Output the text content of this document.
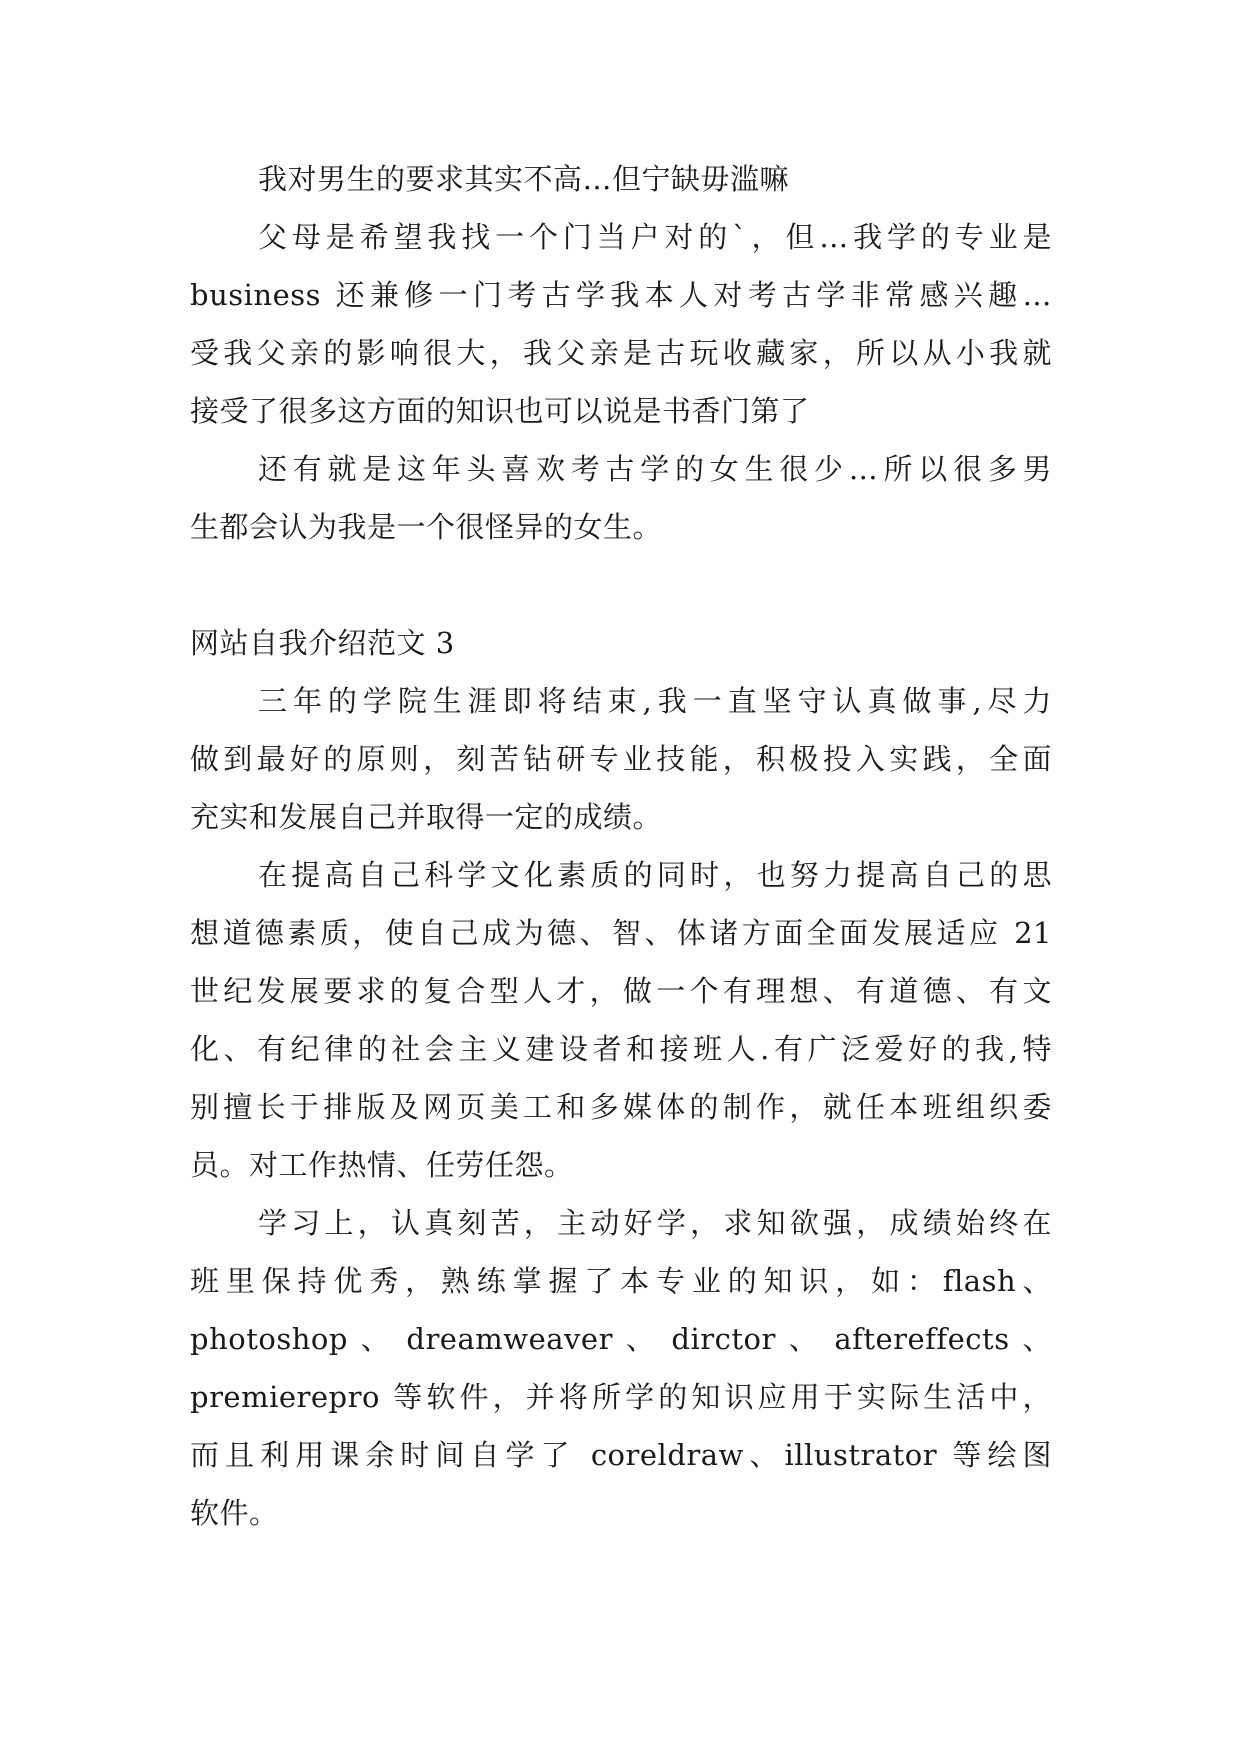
我对男生的要求其实不高…但宁缺毋滥嘛
父母是希望我找一个门当户对的`，但…我学的专业是
business 还兼修一门考古学我本人对考古学非常感兴趣…
受我父亲的影响很大，我父亲是古玩收藏家，所以从小我就
接受了很多这方面的知识也可以说是书香门第了
还有就是这年头喜欢考古学的女生很少…所以很多男
生都会认为我是一个很怪异的女生。
网站自我介绍范文 3
三年的学院生涯即将结束,我一直坚守认真做事,尽力
做到最好的原则，刻苦钻研专业技能，积极投入实践，全面
充实和发展自己并取得一定的成绩。
在提高自己科学文化素质的同时，也努力提高自己的思
想道德素质，使自己成为德、智、体诸方面全面发展适应 21
世纪发展要求的复合型人才，做一个有理想、有道德、有文
化、有纪律的社会主义建设者和接班人.有广泛爱好的我,特
别擅长于排版及网页美工和多媒体的制作，就任本班组织委
员。对工作热情、任劳任怨。
学习上，认真刻苦，主动好学，求知欲强，成绩始终在
班里保持优秀，熟练掌握了本专业的知识，如：flash、
photoshop 、 dreamweaver 、 dirctor 、 aftereffects 、
premierepro 等软件，并将所学的知识应用于实际生活中，
而且利用课余时间自学了 coreldraw、illustrator 等绘图
软件。
